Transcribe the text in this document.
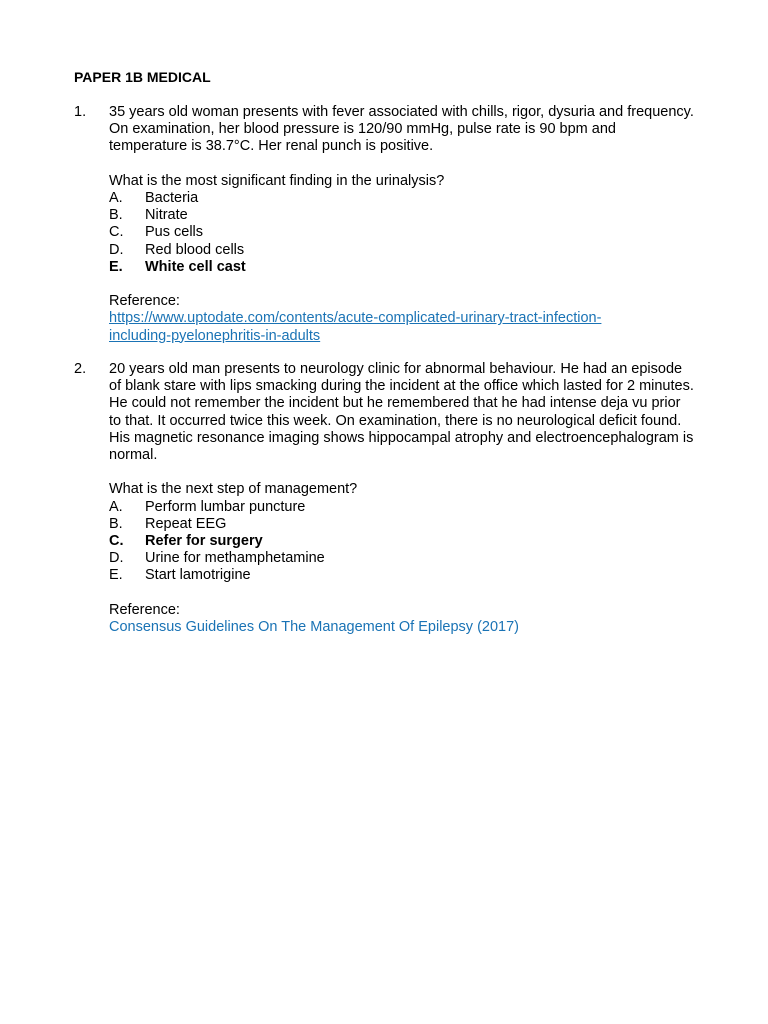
PAPER 1B MEDICAL
1. 35 years old woman presents with fever associated with chills, rigor, dysuria and frequency. On examination, her blood pressure is 120/90 mmHg, pulse rate is 90 bpm and temperature is 38.7°C. Her renal punch is positive.

What is the most significant finding in the urinalysis?

A.	Bacteria
B.	Nitrate
C.	Pus cells
D.	Red blood cells
E.	White cell cast

Reference:

https://www.uptodate.com/contents/acute-complicated-urinary-tract-infection-
including-pyelonephritis-in-adults
2. 20 years old man presents to neurology clinic for abnormal behaviour. He had an episode of blank stare with lips smacking during the incident at the office which lasted for 2 minutes. He could not remember the incident but he remembered that he had intense deja vu prior to that. It occurred twice this week. On examination, there is no neurological deficit found. His magnetic resonance imaging shows hippocampal atrophy and electroencephalogram is normal.

What is the next step of management?

A.	Perform lumbar puncture
B.	Repeat EEG
C.	Refer for surgery
D.	Urine for methamphetamine
E.	Start lamotrigine

Reference:

Consensus Guidelines On The Management Of Epilepsy (2017)
